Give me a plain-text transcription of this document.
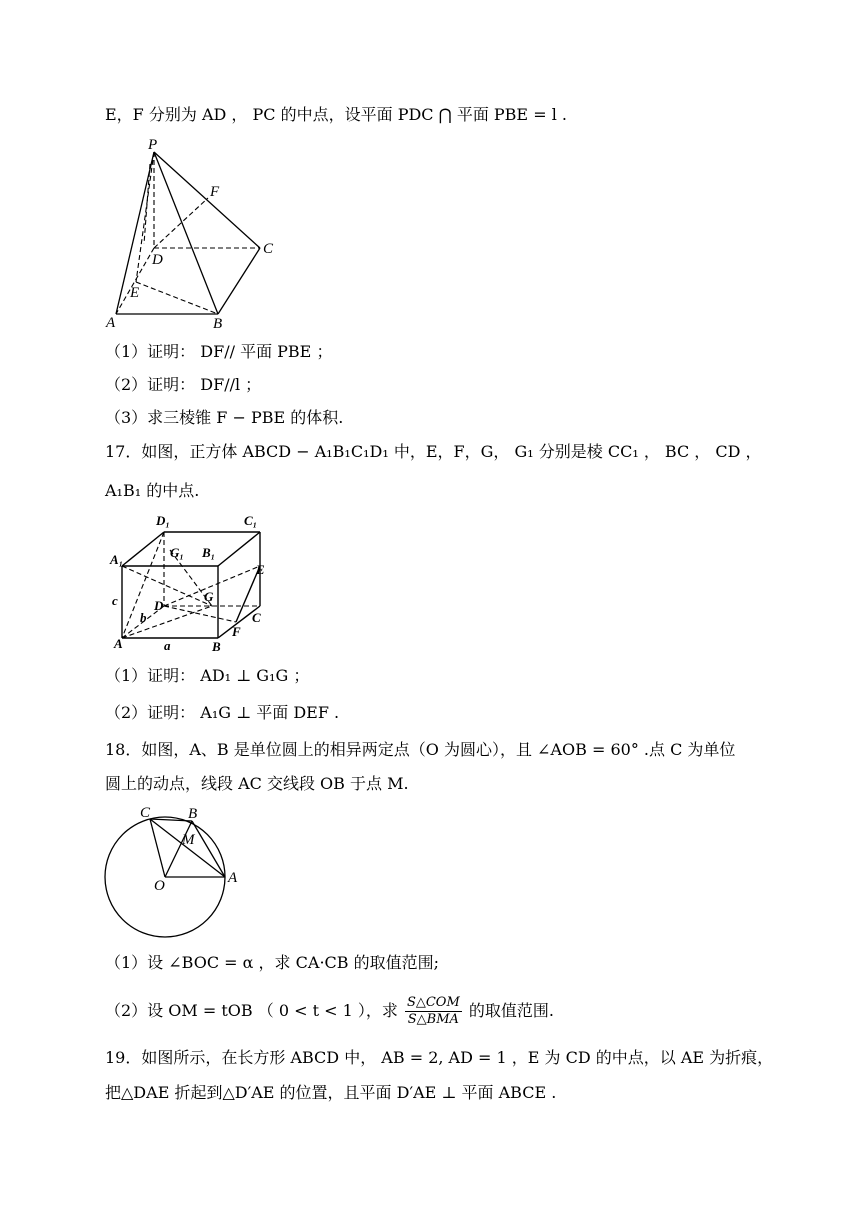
E，F 分别为 AD ， PC 的中点，设平面 PDC ⋂ 平面 PBE = l .
P
F
C
D
E
A	B
（1）证明： DF// 平面 PBE ；
（2）证明： DF//l ；
（3）求三棱锥 F − PBE 的体积.
17．如图，正方体 ABCD − A₁B₁C₁D₁ 中，E，F，G， G₁ 分别是棱 CC₁ ， BC ， CD ，
A₁B₁ 的中点.
D₁	C₁
A₁	G₁ B₁
E
c	D
G
b	C
F
A	a	B
（1）证明： AD₁ ⊥ G₁G ；
（2）证明： A₁G ⊥ 平面 DEF .
18．如图，A、B 是单位圆上的相异两定点（O 为圆心），且 ∠AOB = 60° .点 C 为单位
圆上的动点，线段 AC 交线段 OB 于点 M.
C	B
M
O	A
（1）设 ∠BOC = α ，求 CA·CB 的取值范围;
（2）设 OM = tOB （ 0 < t < 1 ），求 $\frac{\text{S△COM}}{\text{S△BMA}}$ 的取值范围.
19．如图所示，在长方形 ABCD 中， AB = 2, AD = 1 ，E 为 CD 的中点，以 AE 为折痕，
把△DAE 折起到△D′AE 的位置，且平面 D′AE ⊥ 平面 ABCE .
